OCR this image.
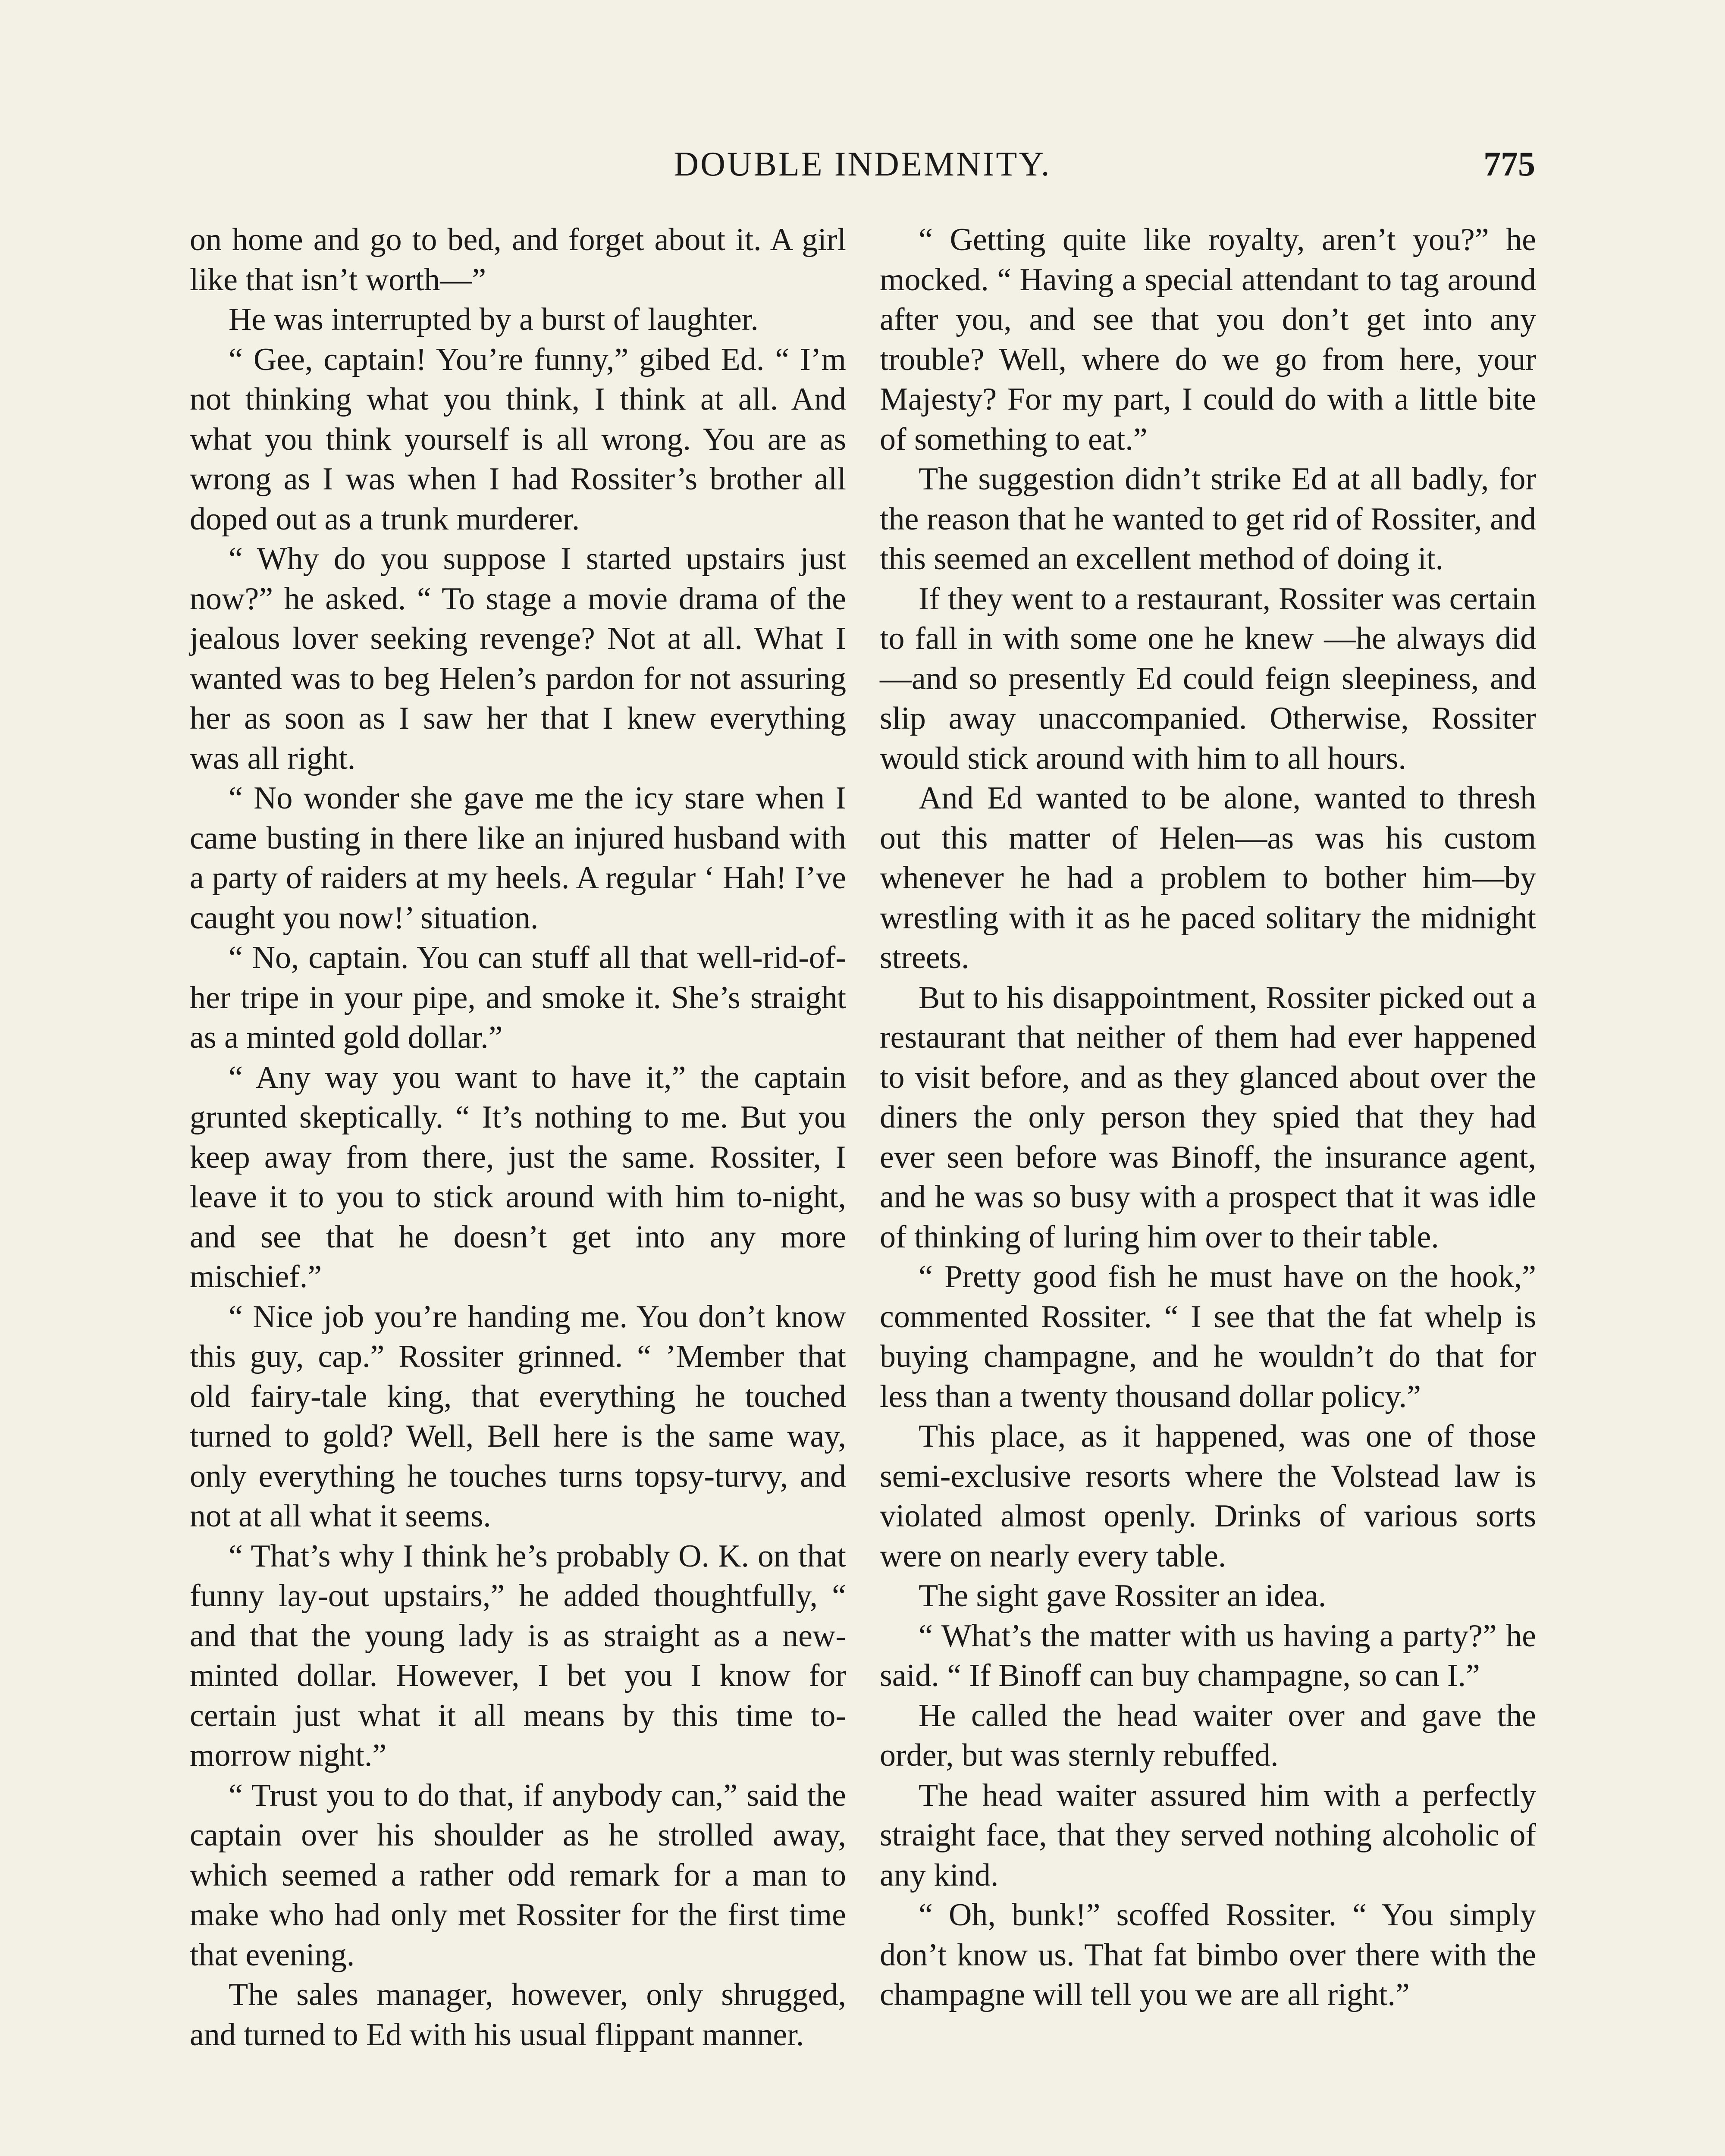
DOUBLE INDEMNITY.	775

on home and go to bed, and forget about it. A girl like that isn’t worth—”

He was interrupted by a burst of laughter.

“ Gee, captain! You’re funny,” gibed Ed. “ I’m not thinking what you think, I think at all. And what you think yourself is all wrong. You are as wrong as I was when I had Rossiter’s brother all doped out as a trunk murderer.

“ Why do you suppose I started upstairs just now?” he asked. “ To stage a movie drama of the jealous lover seeking revenge? Not at all. What I wanted was to beg Helen’s pardon for not assuring her as soon as I saw her that I knew everything was all right.

“ No wonder she gave me the icy stare when I came busting in there like an injured husband with a party of raiders at my heels. A regular ‘ Hah! I’ve caught you now!’ situation.

“ No, captain. You can stuff all that well-rid-of-her tripe in your pipe, and smoke it. She’s straight as a minted gold dollar.”

“ Any way you want to have it,” the captain grunted skeptically. “ It’s nothing to me. But you keep away from there, just the same. Rossiter, I leave it to you to stick around with him to-night, and see that he doesn’t get into any more mischief.”

“ Nice job you’re handing me. You don’t know this guy, cap.” Rossiter grinned. “ ’Member that old fairy-tale king, that everything he touched turned to gold? Well, Bell here is the same way, only everything he touches turns topsy-turvy, and not at all what it seems.

“ That’s why I think he’s probably O. K. on that funny lay-out upstairs,” he added thoughtfully, “ and that the young lady is as straight as a new-minted dollar. However, I bet you I know for certain just what it all means by this time to-morrow night.”

“ Trust you to do that, if anybody can,” said the captain over his shoulder as he strolled away, which seemed a rather odd remark for a man to make who had only met Rossiter for the first time that evening.

The sales manager, however, only shrugged, and turned to Ed with his usual flippant manner.

“ Getting quite like royalty, aren’t you?” he mocked. “ Having a special attendant to tag around after you, and see that you don’t get into any trouble? Well, where do we go from here, your Majesty? For my part, I could do with a little bite of something to eat.”

The suggestion didn’t strike Ed at all badly, for the reason that he wanted to get rid of Rossiter, and this seemed an excellent method of doing it.

If they went to a restaurant, Rossiter was certain to fall in with some one he knew —he always did—and so presently Ed could feign sleepiness, and slip away unaccompanied. Otherwise, Rossiter would stick around with him to all hours.

And Ed wanted to be alone, wanted to thresh out this matter of Helen—as was his custom whenever he had a problem to bother him—by wrestling with it as he paced solitary the midnight streets.

But to his disappointment, Rossiter picked out a restaurant that neither of them had ever happened to visit before, and as they glanced about over the diners the only person they spied that they had ever seen before was Binoff, the insurance agent, and he was so busy with a prospect that it was idle of thinking of luring him over to their table.

“ Pretty good fish he must have on the hook,” commented Rossiter. “ I see that the fat whelp is buying champagne, and he wouldn’t do that for less than a twenty thousand dollar policy.”

This place, as it happened, was one of those semi-exclusive resorts where the Volstead law is violated almost openly. Drinks of various sorts were on nearly every table.

The sight gave Rossiter an idea.

“ What’s the matter with us having a party?” he said. “ If Binoff can buy champagne, so can I.”

He called the head waiter over and gave the order, but was sternly rebuffed.

The head waiter assured him with a perfectly straight face, that they served nothing alcoholic of any kind.

“ Oh, bunk!” scoffed Rossiter. “ You simply don’t know us. That fat bimbo over there with the champagne will tell you we are all right.”
